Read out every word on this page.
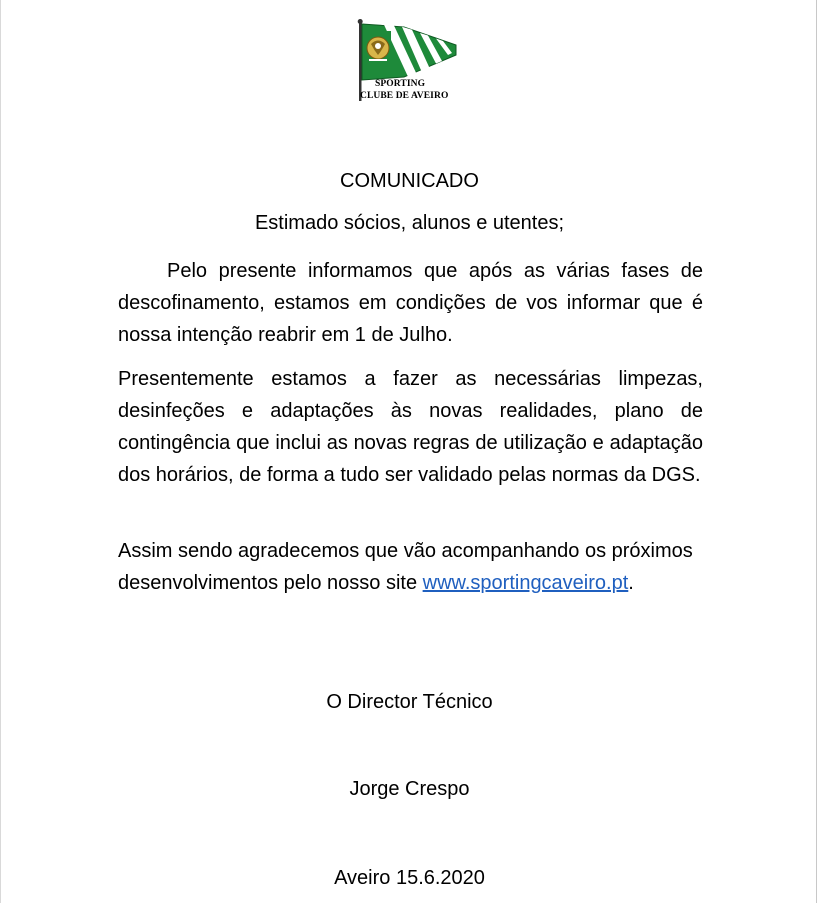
SPORTING
CLUBE DE AVEIRO
COMUNICADO
Estimado sócios, alunos e utentes;
Pelo presente informamos que após as várias fases de descofinamento, estamos em condições de vos informar que é nossa intenção reabrir em 1 de Julho.
Presentemente estamos a fazer as necessárias limpezas, desinfeções e adaptações às novas realidades, plano de contingência que inclui as novas regras de utilização e adaptação dos horários, de forma a tudo ser validado pelas normas da DGS.
Assim sendo agradecemos que vão acompanhando os próximos desenvolvimentos pelo nosso site www.sportingcaveiro.pt.
O Director Técnico
Jorge Crespo
Aveiro 15.6.2020
